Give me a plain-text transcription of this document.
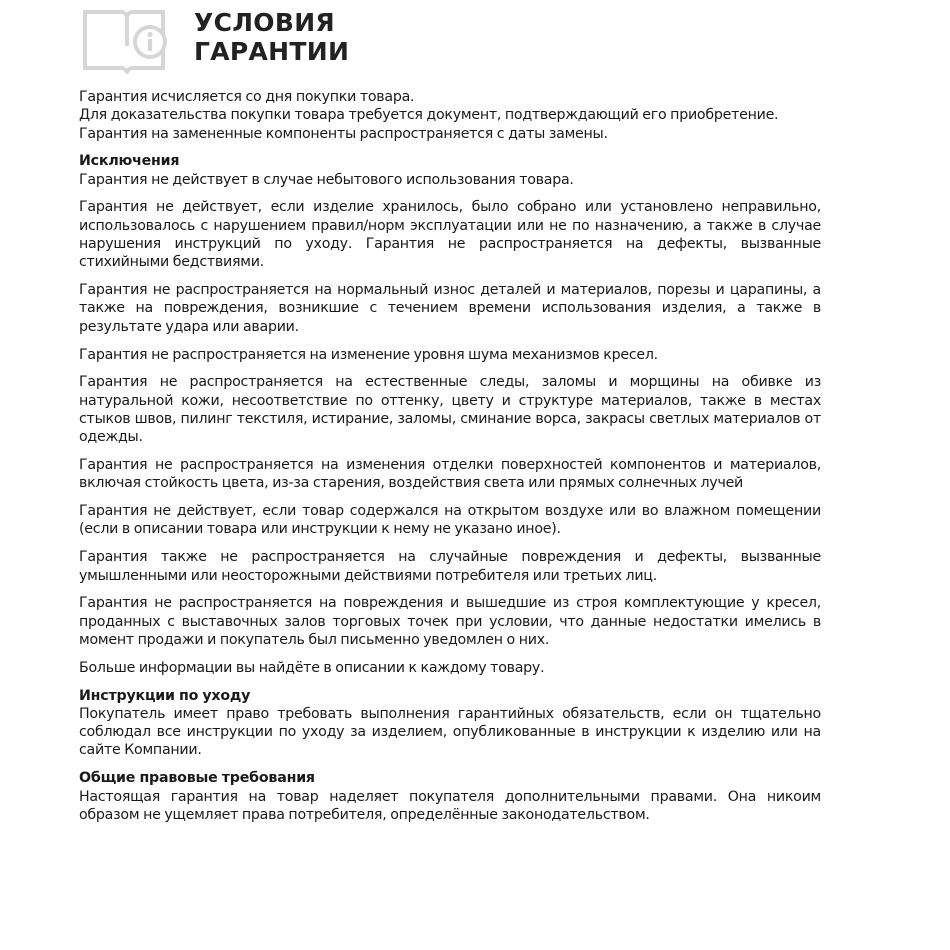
УСЛОВИЯ
ГАРАНТИИ

Гарантия исчисляется со дня покупки товара.

Для доказательства покупки товара требуется документ, подтверждающий его приобретение.

Гарантия на замененные компоненты распространяется с даты замены.

Исключения

Гарантия не действует в случае небытового использования товара.

Гарантия не действует, если изделие хранилось, было собрано или установлено неправильно, использовалось с нарушением правил/норм эксплуатации или не по назначению, а также в случае нарушения инструкций по уходу. Гарантия не распространяется на дефекты, вызванные стихийными бедствиями.

Гарантия не распространяется на нормальный износ деталей и материалов, порезы и царапины, а также на повреждения, возникшие с течением времени использования изделия, а также в результате удара или аварии.

Гарантия не распространяется на изменение уровня шума механизмов кресел.

Гарантия не распространяется на естественные следы, заломы и морщины на обивке из натуральной кожи, несоответствие по оттенку, цвету и структуре материалов, также в местах стыков швов, пилинг текстиля, истирание, заломы, сминание ворса, закрасы светлых материалов от одежды.

Гарантия не распространяется на изменения отделки поверхностей компонентов и материалов, включая стойкость цвета, из-за старения, воздействия света или прямых солнечных лучей

Гарантия не действует, если товар содержался на открытом воздухе или во влажном помещении (если в описании товара или инструкции к нему не указано иное).

Гарантия также не распространяется на случайные повреждения и дефекты, вызванные умышленными или неосторожными действиями потребителя или третьих лиц.

Гарантия не распространяется на повреждения и вышедшие из строя комплектующие у кресел, проданных с выставочных залов торговых точек при условии, что данные недостатки имелись в момент продажи и покупатель был письменно уведомлен о них.

Больше информации вы найдёте в описании к каждому товару.

Инструкции по уходу

Покупатель имеет право требовать выполнения гарантийных обязательств, если он тщательно соблюдал все инструкции по уходу за изделием, опубликованные в инструкции к изделию или на сайте Компании.

Общие правовые требования

Настоящая гарантия на товар наделяет покупателя дополнительными правами. Она никоим образом не ущемляет права потребителя, определённые законодательством.
